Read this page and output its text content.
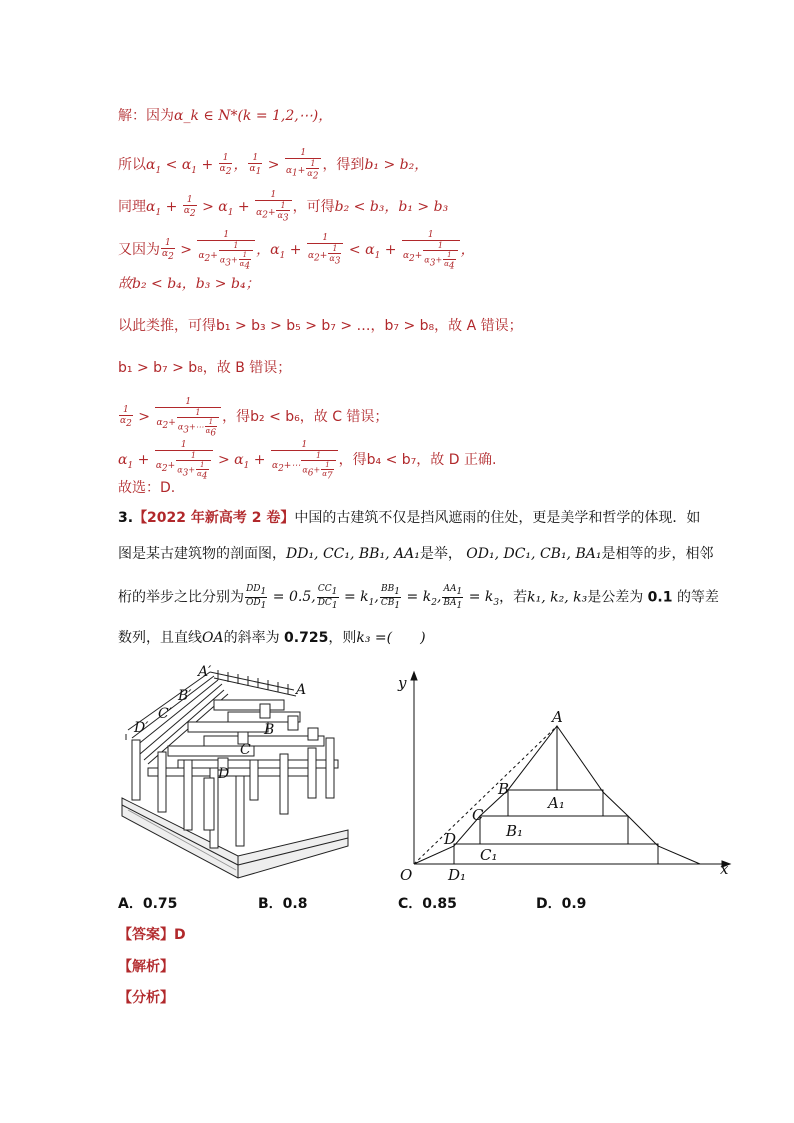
解：因为α_k ∈ N*(k = 1,2,⋯)，
所以$\alpha_1 < \alpha_1 + \frac{1}{\alpha_2}$ ， $\frac{1}{\alpha_1} > \frac{1}{\alpha_1+ \frac{1}{\alpha_2}}$ ，得到b₁ > b₂，
同理$\alpha_1 + \frac{1}{\alpha_2} > \alpha_1 + \frac{1}{\alpha_2+ \frac{1}{\alpha_3}}$ ，可得b₂ < b₃，b₁ > b₃
又因为 $\frac{1}{\alpha_2} > \frac{1}{\alpha_2+ \frac{1}{\alpha_3+ \frac{1}{\alpha_4}}}$ ，$\alpha_1 + \frac{1}{\alpha_2+ \frac{1}{\alpha_3}} < \alpha_1 + \frac{1}{\alpha_2+ \frac{1}{\alpha_3+ \frac{1}{\alpha_4}}}$ ，
故b₂ < b₄，b₃ > b₄；
以此类推，可得b₁ > b₃ > b₅ > b₇ > …，b₇ > b₈，故 A 错误；
b₁ > b₇ > b₈，故 B 错误；
$\frac{1}{\alpha_2} > \frac{1}{\alpha_2+ \frac{1}{\alpha_3+\cdots \frac{1}{\alpha_6}}}$ ，得b₂ < b₆，故 C 错误；
$\alpha_1 + \frac{1}{\alpha_2+ \frac{1}{\alpha_3+ \frac{1}{\alpha_4}}} > \alpha_1 + \frac{1}{\alpha_2+\cdots \frac{1}{\alpha_6+ \frac{1}{\alpha_7}}}$ ，得b₄ < b₇，故 D 正确.
故选：D.
3.【2022 年新高考 2 卷】中国的古建筑不仅是挡风遮雨的住处，更是美学和哲学的体现．如
图是某古建筑物的剖面图，DD₁, CC₁, BB₁, AA₁是举， OD₁, DC₁, CB₁, BA₁是相等的步，相邻
桁的举步之比分别为 $\frac{DD_1}{OD_1} = 0.5$, $\frac{CC_1}{DC_1} = k_1$, $\frac{BB_1}{CB_1} = k_2$, $\frac{AA_1}{BA_1} = k_3$，若k₁, k₂, k₃是公差为 0.1 的等差
数列，且直线OA的斜率为 0.725，则k₃ =(　　)
A′
A
B′
B
C′
C
D′
D
y
x
O
A
B
C
D
A₁
B₁
C₁
D₁
A．0.75	B．0.8	C．0.85	D．0.9
【答案】D
【解析】
【分析】
